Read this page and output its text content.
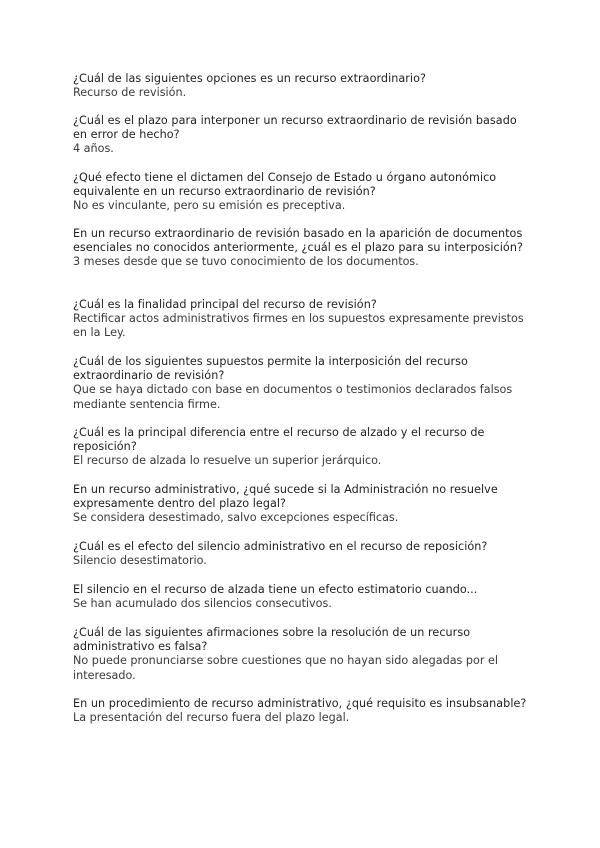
¿Cuál de las siguientes opciones es un recurso extraordinario?
Recurso de revisión.
¿Cuál es el plazo para interponer un recurso extraordinario de revisión basado en error de hecho?
4 años.
¿Qué efecto tiene el dictamen del Consejo de Estado u órgano autonómico equivalente en un recurso extraordinario de revisión?
No es vinculante, pero su emisión es preceptiva.
En un recurso extraordinario de revisión basado en la aparición de documentos esenciales no conocidos anteriormente, ¿cuál es el plazo para su interposición?
3 meses desde que se tuvo conocimiento de los documentos.
¿Cuál es la finalidad principal del recurso de revisión?
Rectificar actos administrativos firmes en los supuestos expresamente previstos en la Ley.
¿Cuál de los siguientes supuestos permite la interposición del recurso extraordinario de revisión?
Que se haya dictado con base en documentos o testimonios declarados falsos mediante sentencia firme.
¿Cuál es la principal diferencia entre el recurso de alzado y el recurso de reposición?
El recurso de alzada lo resuelve un superior jerárquico.
En un recurso administrativo, ¿qué sucede si la Administración no resuelve expresamente dentro del plazo legal?
Se considera desestimado, salvo excepciones específicas.
¿Cuál es el efecto del silencio administrativo en el recurso de reposición?
Silencio desestimatorio.
El silencio en el recurso de alzada tiene un efecto estimatorio cuando...
Se han acumulado dos silencios consecutivos.
¿Cuál de las siguientes afirmaciones sobre la resolución de un recurso administrativo es falsa?
No puede pronunciarse sobre cuestiones que no hayan sido alegadas por el interesado.
En un procedimiento de recurso administrativo, ¿qué requisito es insubsanable?
La presentación del recurso fuera del plazo legal.
